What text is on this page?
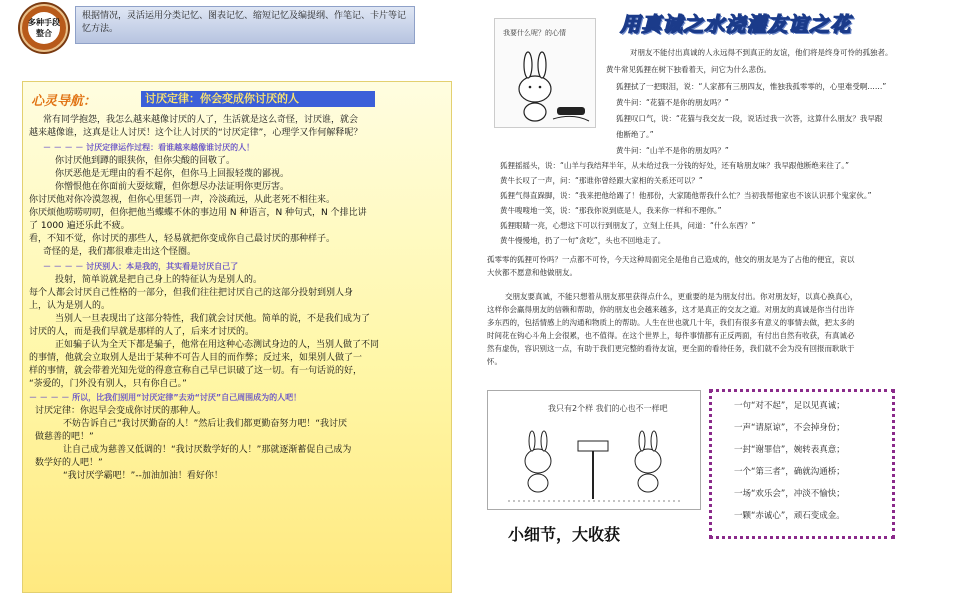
多种手段整合
根据情况，灵活运用分类记忆、图表记忆、缩短记忆及编提纲、作笔记、卡片等记忆方法。
心灵导航：	讨厌定律：你会变成你讨厌的人
常有同学抱怨，我怎么越来越像讨厌的人了，生活就是这么奇怪，讨厌谁，就会
越来越像谁，这真是让人讨厌！这个让人讨厌的“讨厌定律”，心理学又作何解释呢？
－ － － － 讨厌定律运作过程：看谁越来越像谁讨厌的人！
你讨厌他到蹲的眼狭你，但你尖酸的回敬了。
你厌恶他是无理由的看不起你，但你马上回报轻蔑的鄙视。
你憎恨他在你面前大耍炫耀，但你想尽办法证明你更厉害。
你讨厌他对你冷漠忽视，但你心里惩罚一声，冷淡疏远，从此老死不相往来。
你厌烦他唠唠叨叨，但你把他当蝶蝶不休的事边用 N 种语言，N 种句式，N 个排比讲
了 1000 遍还乐此不疲。
看，不知不觉，你讨厌的那些人，轻易就把你变成你自己最讨厌的那种样子。
奇怪的是，我们都很难走出这个怪圈。
－ － － － 讨厌别人：本是我的，其实看是讨厌自己了
投射，简单说就是把自己身上的特征认为是别人的。
每个人都会讨厌自己性格的一部分，但我们往往把讨厌自己的这部分投射到别人身
上，认为是别人的。
当别人一旦表现出了这部分特性，我们就会讨厌他。简单的说，不是我们成为了
讨厌的人，而是我们早就是那样的人了，后来才讨厌的。
正如骗子认为全天下都是骗子，他常在用这种心态测试身边的人，当别人做了不同
的事情，他就会立取别人是出于某种不可告人目的而作弊；反过来，如果别人做了一
样的事情，就会带着光知先觉的得意宣称自己早已识破了这一切。有一句话说的好，
“荼爱的，门外没有别人，只有你自己。”
－ － － － 所以，比我们别用“讨厌定律”去劝“讨厌”自己周围成为的人吧！
讨厌定律：你迟早会变成你讨厌的那种人。
不妨告诉自己“我讨厌勤奋的人！”然后让我们都更勤奋努力吧！“我讨厌
做慈善的吧！”
让自己成为慈善又低调的！“我讨厌数学好的人！”那就逐渐蓄促自己成为
数学好的人吧！”
“我讨厌学霸吧！”--加油加油！看好你！
用真诚之水浇灌友谊之花
我要什么呢？的心情
对朋友不能付出真诚的人永远得不到真正的友谊，他们将是终身可怜的孤独者。
黄牛常见狐狸在树下独看着天，问它为什么悲伤。
狐狸拭了一把眼泪，说：“人家都有三朋四友，惟独我孤零零的，心里难受啊……”
黄牛问：“花猫不是你的朋友吗？”
狐狸叹口气，说：“花猫与我交友一段，说话过我一次答，这算什么朋友？我早跟
他断绝了。”
黄牛问：“山羊不是你的朋友吗？”
狐狸摇摇头，说：“山羊与我结拜半年，从未给过我一分钱的好处，还有啥朋友味？我早跟他断绝来往了。”
黄牛长叹了一声，问：“那谁你曾经跟大家相的关系还可以？”
狐狸气得直跺脚，说：“我来把他给踢了！他那份，大家随他帮我什么忙？当初我帮他家也不该认识那个鬼家伙。”
黄牛嗖嗖地一笑，说：“那我你说到底是人，我来你一样和不理你。”
狐狸眼睛一亮，心想这下可以行到朋友了，立刻上任具，问道：“什么东西？”
黄牛慢慢地，扔了一句“贪吃”，头也不回地走了。
孤零零的狐狸可怜吗？一点都不可怜，今天这种局面完全是他自己造成的，他交的朋友是为了占他的便宜，哀以
大伙都不愿意和他做朋友。
交朋友要真诚，不能只想着从朋友那里获得点什么，更重要的是为朋友付出。你对朋友好，以真心换真心，
这样你会赢得朋友的信赖和帮助，你的朋友也会越来越多，这才是真正的交友之道。对朋友的真诚是你当付出许
多东西的，包括情感上的沟通和物质上的帮助。人生在世也就几十年，我们有很多有意义的事情去做，把太多的
时间花在钩心斗角上会很累，也不值得。在这个世界上，每件事情都有正反两面，有付出自然有收获，有真诚必
然有虚伪，容识别这一点，有助于我们更完整的看待友谊，更全面的看待任务，我们就不会为没有回报而耿耿于
怀。
我只有2个样 我们的心也不一样吧
小细节，大收获
一句“对不起”，足以见真诚；
一声“请原谅”，不会掉身份；
一封“谢罪信”，婉转表真意；
一个“第三者”，确就沟通桥；
一场“欢乐会”，冲淡不愉快；
一颗“赤诚心”，顽石变成金。
